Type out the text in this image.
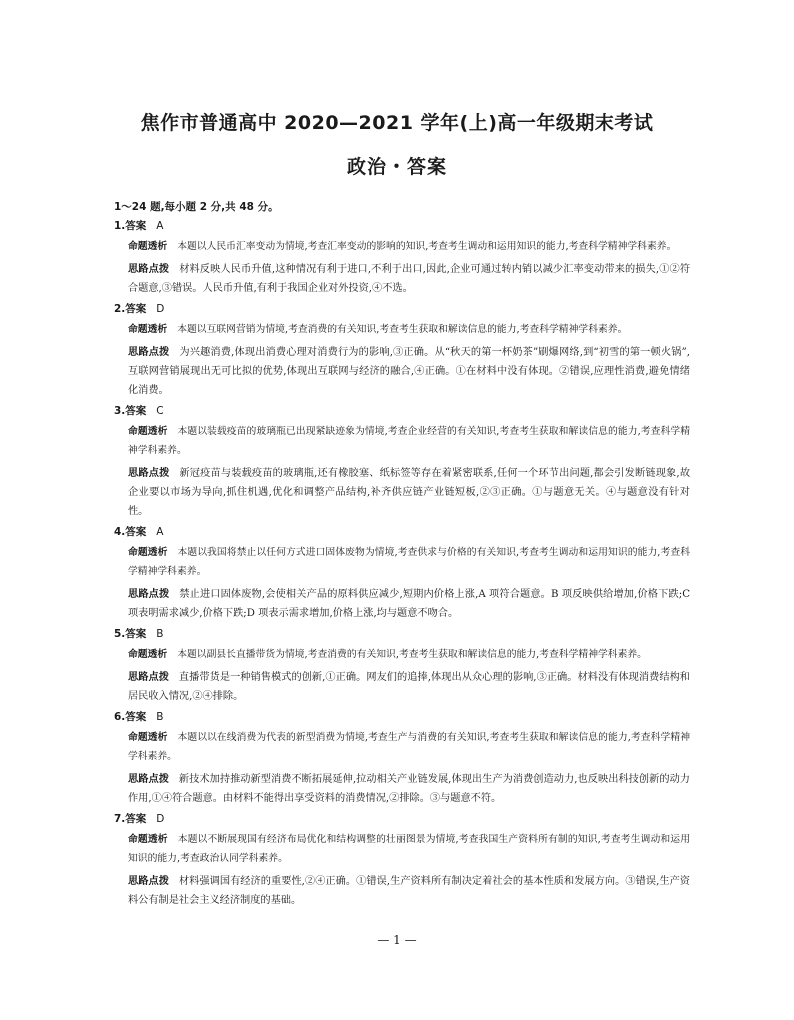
焦作市普通高中 2020—2021 学年(上)高一年级期末考试
政治・答案
1～24 题,每小题 2 分,共 48 分。
1.答案 A
命题透析 本题以人民币汇率变动为情境,考查汇率变动的影响的知识,考查考生调动和运用知识的能力,考查科学精神学科素养。
思路点拨 材料反映人民币升值,这种情况有利于进口,不利于出口,因此,企业可通过转内销以减少汇率变动带来的损失,①②符合题意,③错误。人民币升值,有利于我国企业对外投资,④不选。
2.答案 D
命题透析 本题以互联网营销为情境,考查消费的有关知识,考查考生获取和解读信息的能力,考查科学精神学科素养。
思路点拨 为兴趣消费,体现出消费心理对消费行为的影响,③正确。从“秋天的第一杯奶茶”刷爆网络,到“初雪的第一顿火锅”,互联网营销展现出无可比拟的优势,体现出互联网与经济的融合,④正确。①在材料中没有体现。②错误,应理性消费,避免情绪化消费。
3.答案 C
命题透析 本题以装载疫苗的玻璃瓶已出现紧缺迹象为情境,考查企业经营的有关知识,考查考生获取和解读信息的能力,考查科学精神学科素养。
思路点拨 新冠疫苗与装载疫苗的玻璃瓶,还有橡胶塞、纸标签等存在着紧密联系,任何一个环节出问题,都会引发断链现象,故企业要以市场为导向,抓住机遇,优化和调整产品结构,补齐供应链产业链短板,②③正确。①与题意无关。④与题意没有针对性。
4.答案 A
命题透析 本题以我国将禁止以任何方式进口固体废物为情境,考查供求与价格的有关知识,考查考生调动和运用知识的能力,考查科学精神学科素养。
思路点拨 禁止进口固体废物,会使相关产品的原料供应减少,短期内价格上涨,A 项符合题意。B 项反映供给增加,价格下跌;C 项表明需求减少,价格下跌;D 项表示需求增加,价格上涨,均与题意不吻合。
5.答案 B
命题透析 本题以副县长直播带货为情境,考查消费的有关知识,考查考生获取和解读信息的能力,考查科学精神学科素养。
思路点拨 直播带货是一种销售模式的创新,①正确。网友们的追捧,体现出从众心理的影响,③正确。材料没有体现消费结构和居民收入情况,②④排除。
6.答案 B
命题透析 本题以以在线消费为代表的新型消费为情境,考查生产与消费的有关知识,考查考生获取和解读信息的能力,考查科学精神学科素养。
思路点拨 新技术加持推动新型消费不断拓展延伸,拉动相关产业链发展,体现出生产为消费创造动力,也反映出科技创新的动力作用,①④符合题意。由材料不能得出享受资料的消费情况,②排除。③与题意不符。
7.答案 D
命题透析 本题以不断展现国有经济布局优化和结构调整的壮丽图景为情境,考查我国生产资料所有制的知识,考查考生调动和运用知识的能力,考查政治认同学科素养。
思路点拨 材料强调国有经济的重要性,②④正确。①错误,生产资料所有制决定着社会的基本性质和发展方向。③错误,生产资料公有制是社会主义经济制度的基础。
— 1 —
